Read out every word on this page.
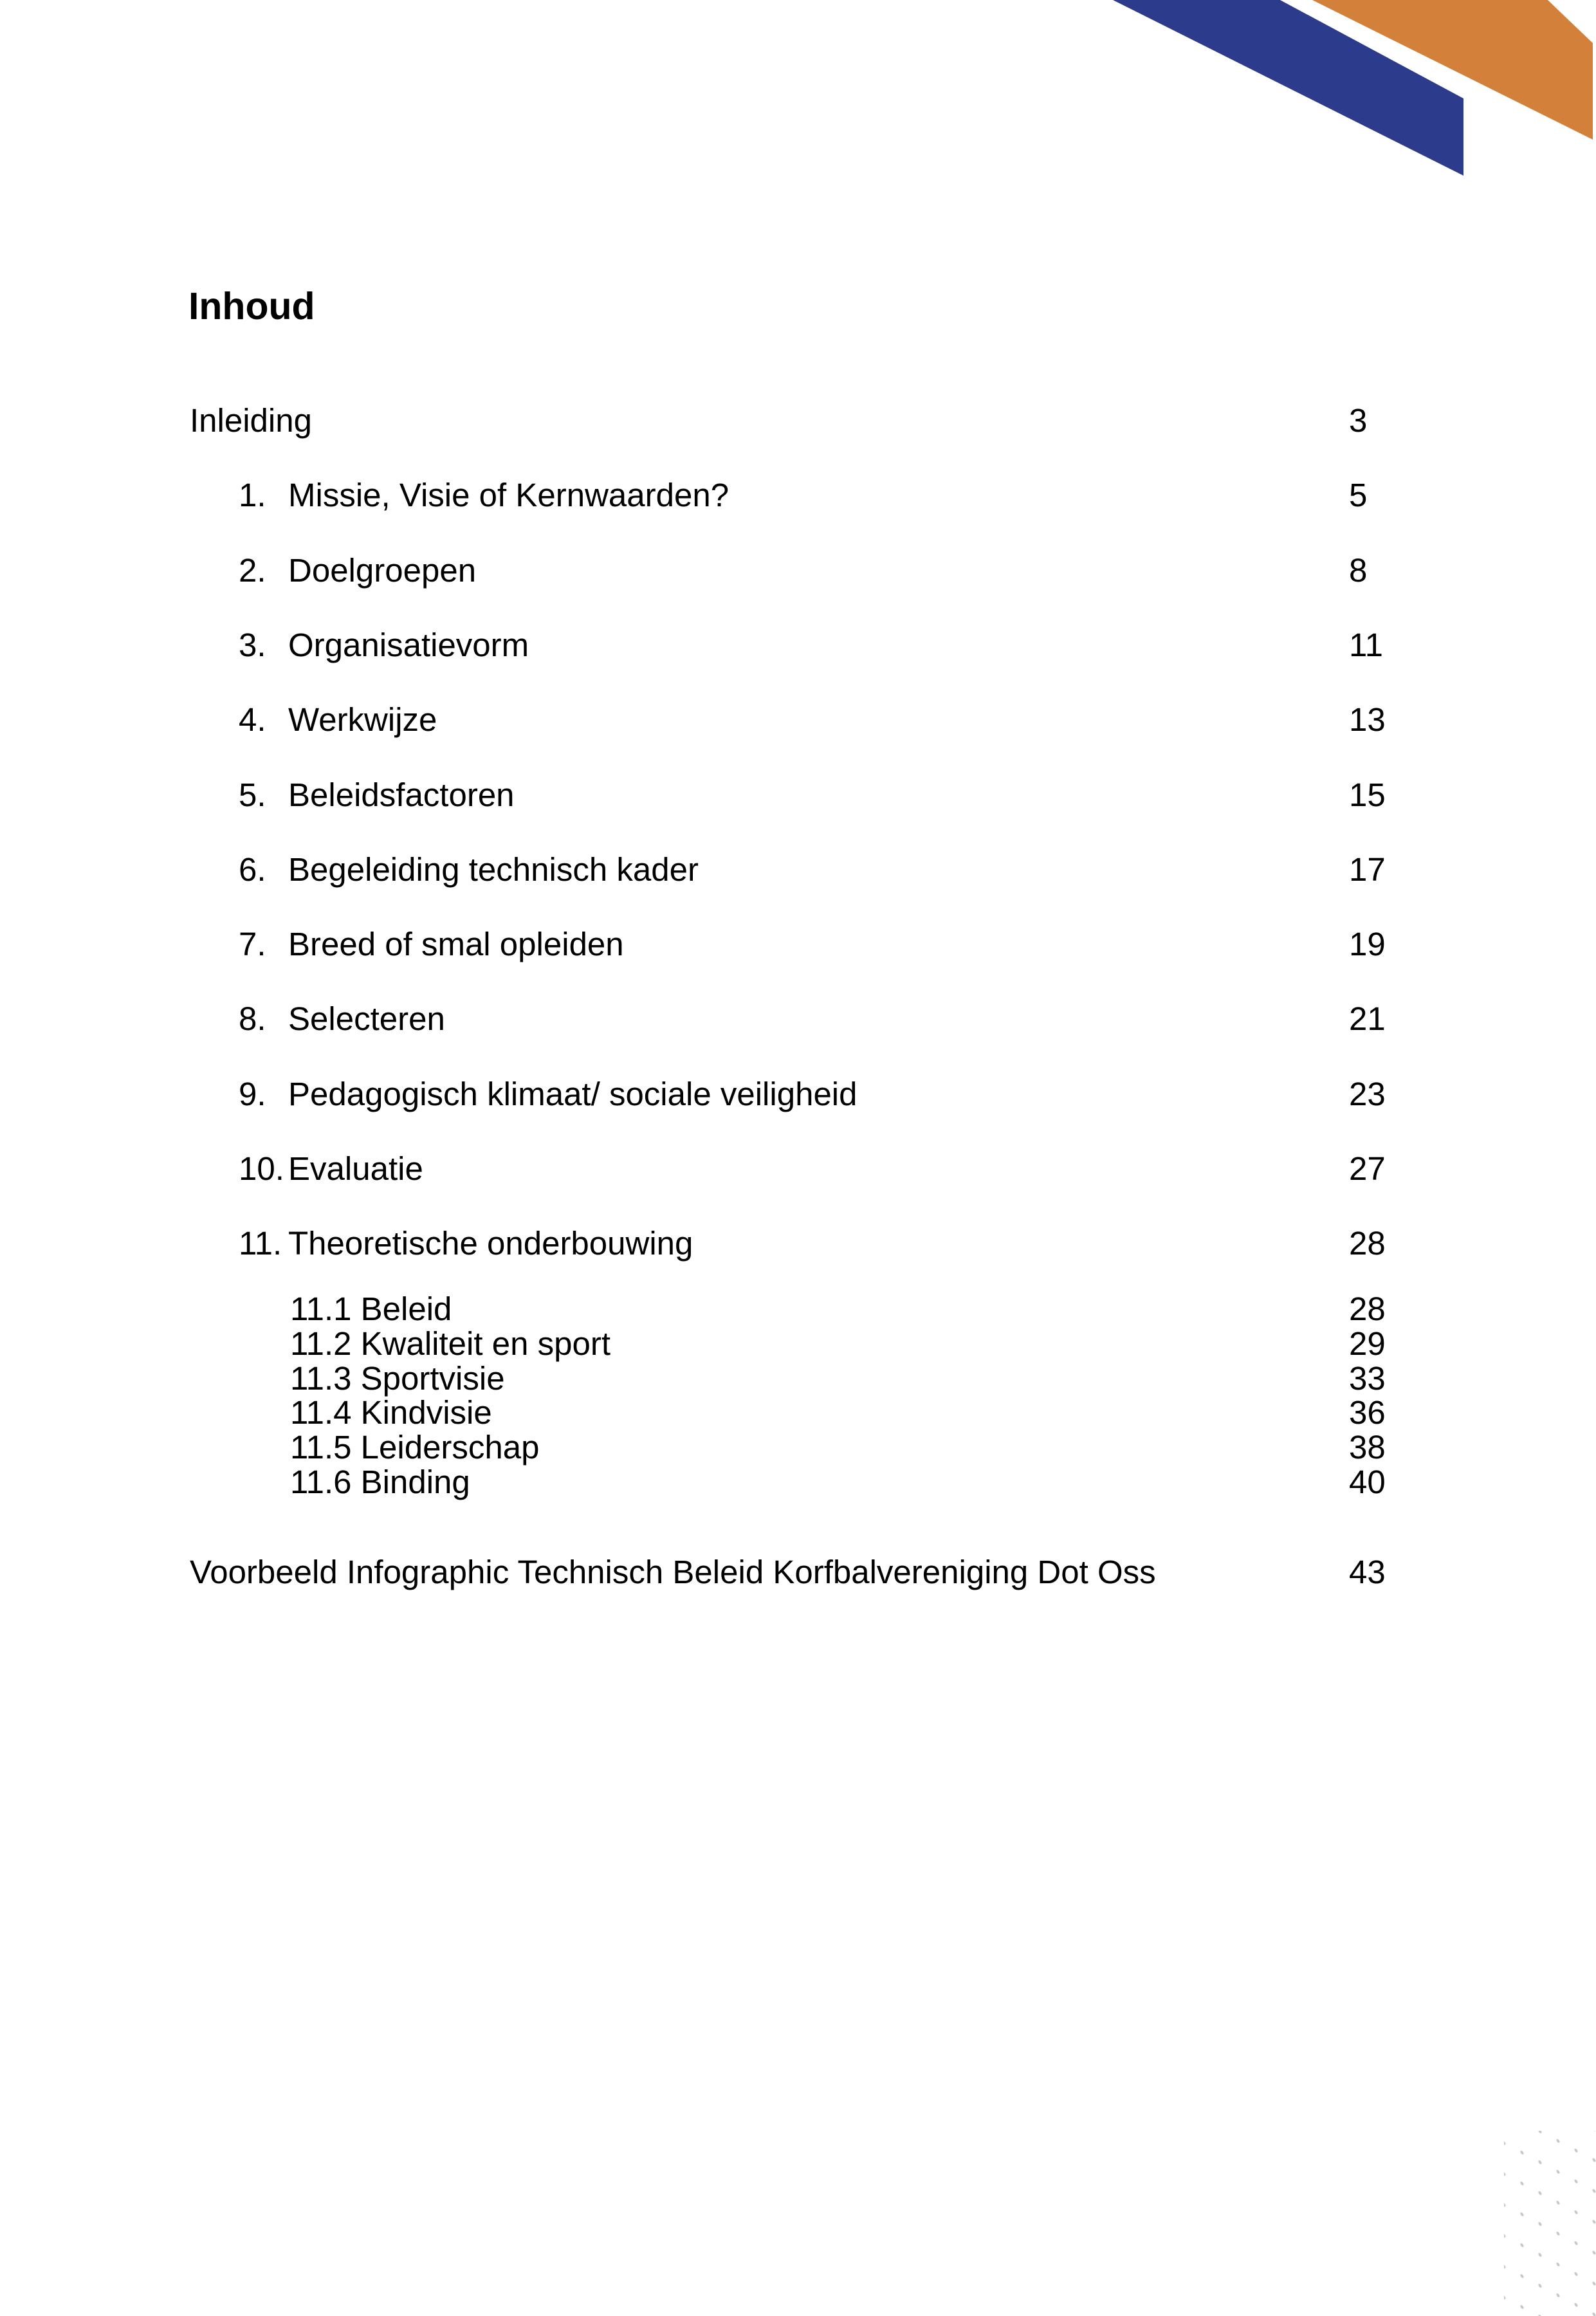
Inhoud
Inleiding	3
1. Missie, Visie of Kernwaarden?	5
2. Doelgroepen	8
3. Organisatievorm	11
4. Werkwijze	13
5. Beleidsfactoren	15
6. Begeleiding technisch kader	17
7. Breed of smal opleiden	19
8. Selecteren	21
9. Pedagogisch klimaat/ sociale veiligheid	23
10. Evaluatie	27
11. Theoretische onderbouwing	28
11.1 Beleid	28
11.2 Kwaliteit en sport	29
11.3 Sportvisie	33
11.4 Kindvisie	36
11.5 Leiderschap	38
11.6 Binding	40
Voorbeeld Infographic Technisch Beleid Korfbalvereniging Dot Oss	43
